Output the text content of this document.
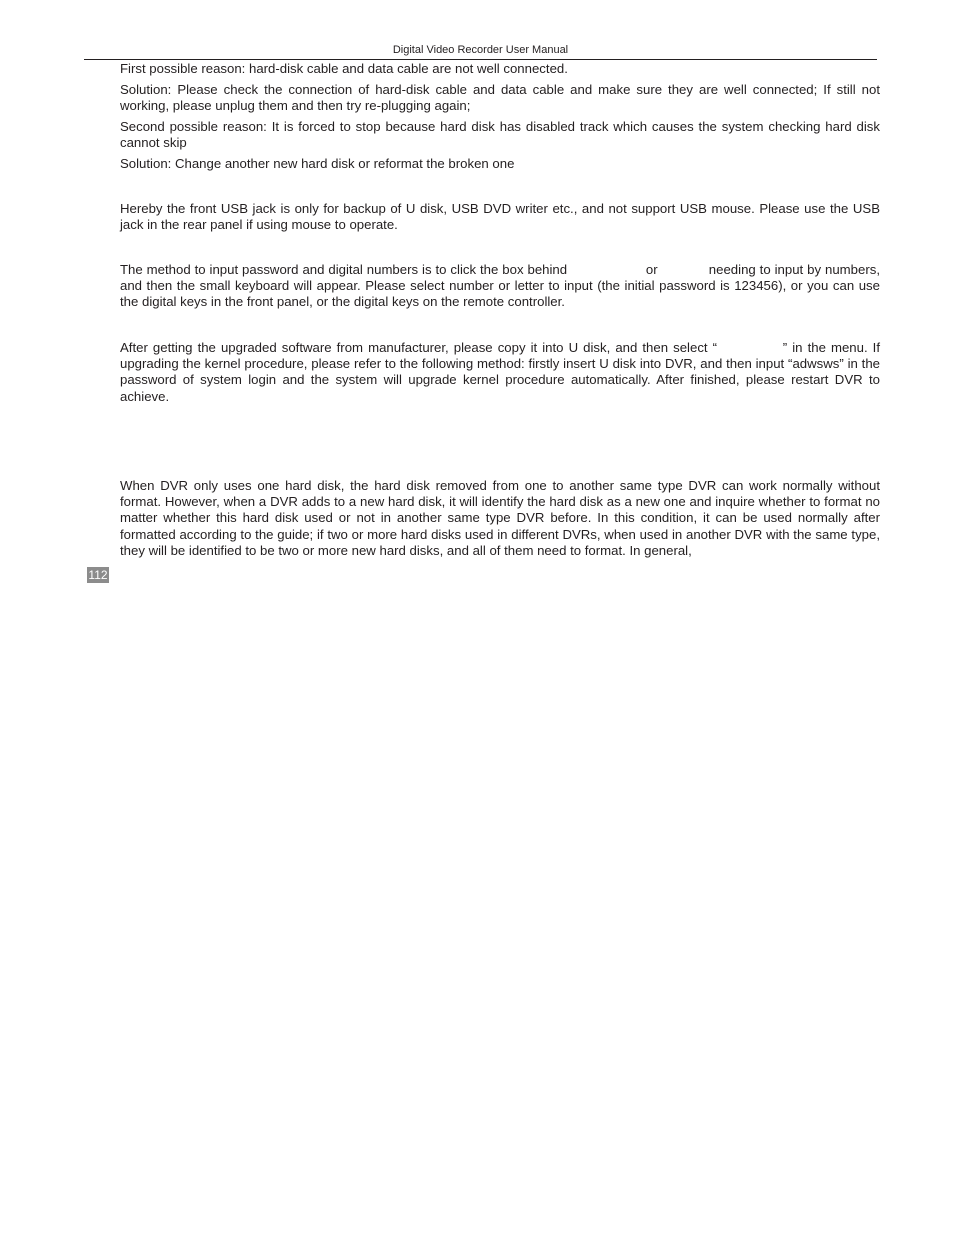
Digital Video Recorder User Manual

First possible reason: hard-disk cable and data cable are not well connected.

Solution: Please check the connection of hard-disk cable and data cable and make sure they are well connected; If still not working, please unplug them and then try re-plugging again;

Second possible reason: It is forced to stop because hard disk has disabled track which causes the system checking hard disk cannot skip

Solution: Change another new hard disk or reformat the broken one

Hereby the front USB jack is only for backup of U disk, USB DVD writer etc., and not support USB mouse. Please use the USB jack in the rear panel if using mouse to operate.

The method to input password and digital numbers is to click the box behind                    or             needing to input by numbers, and then the small keyboard will appear. Please select number or letter to input (the initial password is 123456), or you can use the digital keys in the front panel, or the digital keys on the remote controller.

After getting the upgraded software from manufacturer, please copy it into U disk, and then select “             ” in the menu. If upgrading the kernel procedure, please refer to the following method: firstly insert U disk into DVR, and then input “adwsws” in the password of system login and the system will upgrade kernel procedure automatically. After finished, please restart DVR to achieve.

When DVR only uses one hard disk, the hard disk removed from one to another same type DVR can work normally without format. However, when a DVR adds to a new hard disk, it will identify the hard disk as a new one and inquire whether to format no matter whether this hard disk used or not in another same type DVR before. In this condition, it can be used normally after formatted according to the guide; if two or more hard disks used in different DVRs, when used in another DVR with the same type, they will be identified to be two or more new hard disks, and all of them need to format. In general,

112
